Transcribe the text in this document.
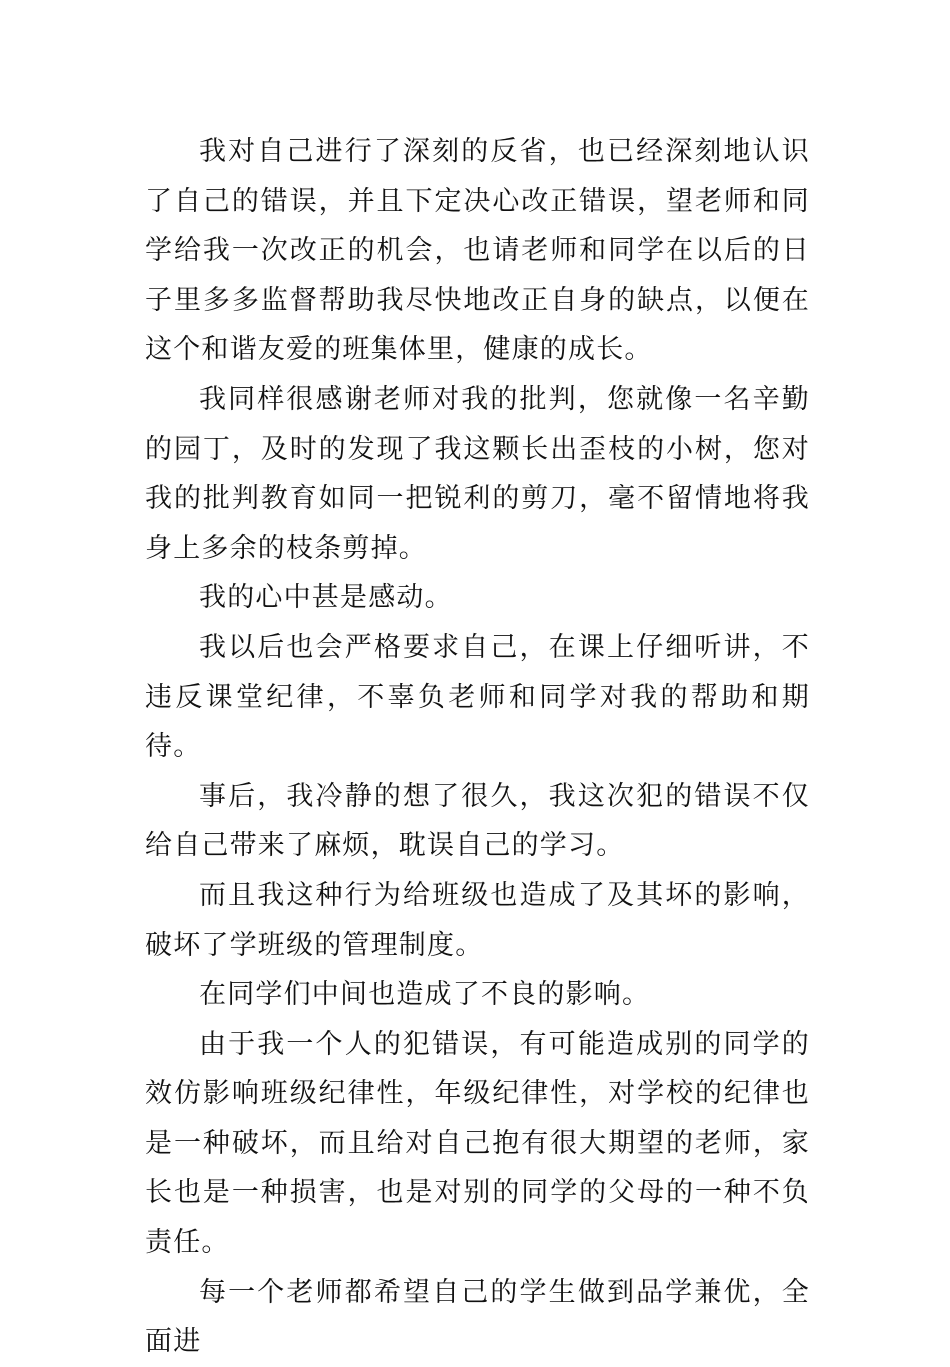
我对自己进行了深刻的反省，也已经深刻地认识了自己的错误，并且下定决心改正错误，望老师和同学给我一次改正的机会，也请老师和同学在以后的日子里多多监督帮助我尽快地改正自身的缺点，以便在这个和谐友爱的班集体里，健康的成长。

我同样很感谢老师对我的批判，您就像一名辛勤的园丁，及时的发现了我这颗长出歪枝的小树，您对我的批判教育如同一把锐利的剪刀，毫不留情地将我身上多余的枝条剪掉。

我的心中甚是感动。

我以后也会严格要求自己，在课上仔细听讲，不违反课堂纪律，不辜负老师和同学对我的帮助和期待。

事后，我冷静的想了很久，我这次犯的错误不仅给自己带来了麻烦，耽误自己的学习。

而且我这种行为给班级也造成了及其坏的影响，破坏了学班级的管理制度。

在同学们中间也造成了不良的影响。

由于我一个人的犯错误，有可能造成别的同学的效仿影响班级纪律性，年级纪律性，对学校的纪律也是一种破坏，而且给对自己抱有很大期望的老师，家长也是一种损害，也是对别的同学的父母的一种不负责任。

每一个老师都希望自己的学生做到品学兼优，全面进
